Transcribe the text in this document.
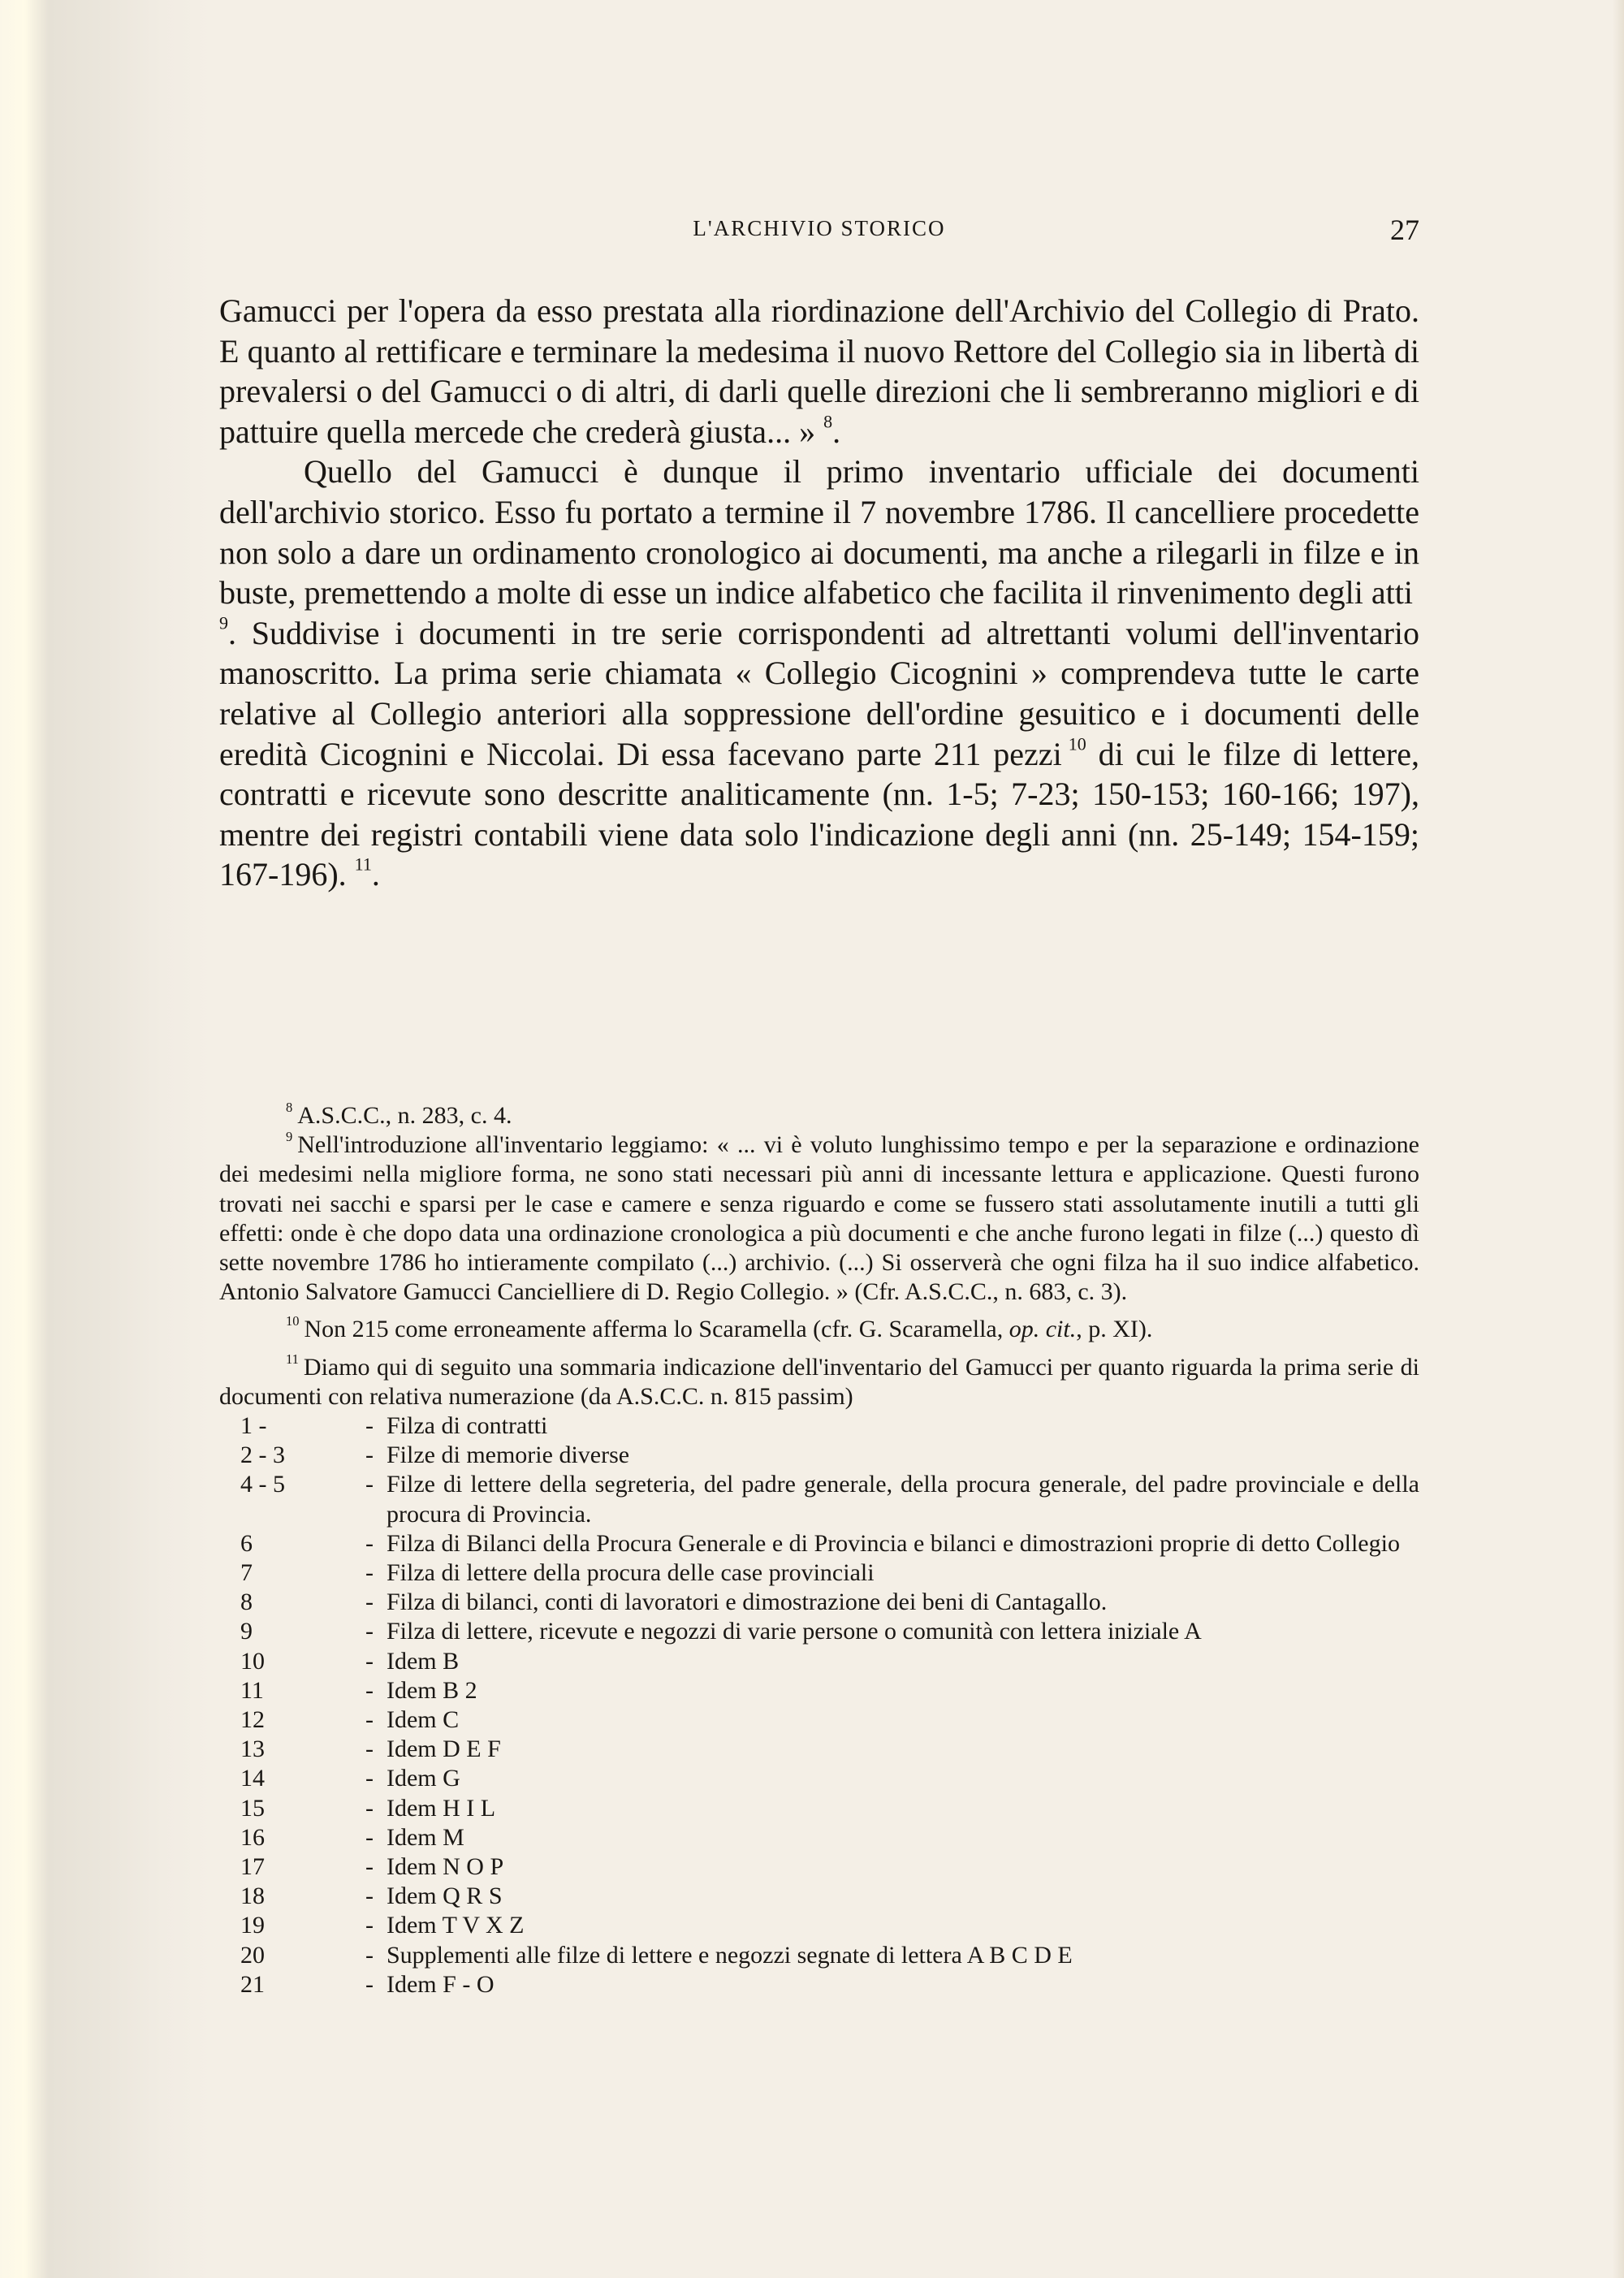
L'ARCHIVIO STORICO	27

Gamucci per l'opera da esso prestata alla riordinazione dell'Archivio del Collegio di Prato. E quanto al rettificare e terminare la medesima il nuovo Rettore del Collegio sia in libertà di prevalersi o del Gamucci o di altri, di darli quelle direzioni che li sembreranno migliori e di pattuire quella mercede che crederà giusta... » $^8$.

Quello del Gamucci è dunque il primo inventario ufficiale dei documenti dell'archivio storico. Esso fu portato a termine il 7 novembre 1786. Il cancelliere procedette non solo a dare un ordinamento cronologico ai documenti, ma anche a rilegarli in filze e in buste, premettendo a molte di esse un indice alfabetico che facilita il rinvenimento degli atti $^9$. Suddivise i documenti in tre serie corrispondenti ad altrettanti volumi dell'inventario manoscritto. La prima serie chiamata « Collegio Cicognini » comprendeva tutte le carte relative al Collegio anteriori alla soppressione dell'ordine gesuitico e i documenti delle eredità Cicognini e Niccolai. Di essa facevano parte 211 pezzi  $^{10}$ di cui le filze di lettere, contratti e ricevute sono descritte analiticamente (nn. 1-5; 7-23; 150-153; 160-166; 197), mentre dei registri contabili viene data solo l'indicazione degli anni (nn. 25-149; 154-159; 167-196). $^{11}$.

$^8$  A.S.C.C., n. 283, c. 4.

$^9$  Nell'introduzione all'inventario leggiamo: « ... vi è voluto lunghissimo tempo e per la separazione e ordinazione dei medesimi nella migliore forma, ne sono stati necessari più anni di incessante lettura e applicazione. Questi furono trovati nei sacchi e sparsi per le case e camere e senza riguardo e come se fussero stati assolutamente inutili a tutti gli effetti: onde è che dopo data una ordinazione cronologica a più documenti e che anche furono legati in filze (...) questo dì sette novembre 1786 ho intieramente compilato (...) archivio. (...) Si osserverà che ogni filza ha il suo indice alfabetico. Antonio Salvatore Gamucci Cancielliere di D. Regio Collegio. » (Cfr. A.S.C.C., n. 683, c. 3).

$^{10}$  Non 215 come erroneamente afferma lo Scaramella (cfr. G. Scaramella, op. cit., p. XI).

$^{11}$  Diamo qui di seguito una sommaria indicazione dell'inventario del Gamucci per quanto riguarda la prima serie di documenti con relativa numerazione (da A.S.C.C. n. 815 passim)

1 -	- Filza di contratti
2 - 3	- Filze di memorie diverse
4 - 5	- Filze di lettere della segreteria, del padre generale, della procura generale, del padre provinciale e della procura di Provincia.
6	- Filza di Bilanci della Procura Generale e di Provincia e bilanci e dimostrazioni proprie di detto Collegio
7	- Filza di lettere della procura delle case provinciali
8	- Filza di bilanci, conti di lavoratori e dimostrazione dei beni di Cantagallo.
9	- Filza di lettere, ricevute e negozzi di varie persone o comunità con lettera iniziale A
10	- Idem B
11	- Idem B 2
12	- Idem C
13	- Idem D E F
14	- Idem G
15	- Idem H I L
16	- Idem M
17	- Idem N O P
18	- Idem Q R S
19	- Idem T V X Z
20	- Supplementi alle filze di lettere e negozzi segnate di lettera A B C D E
21	- Idem F - O
